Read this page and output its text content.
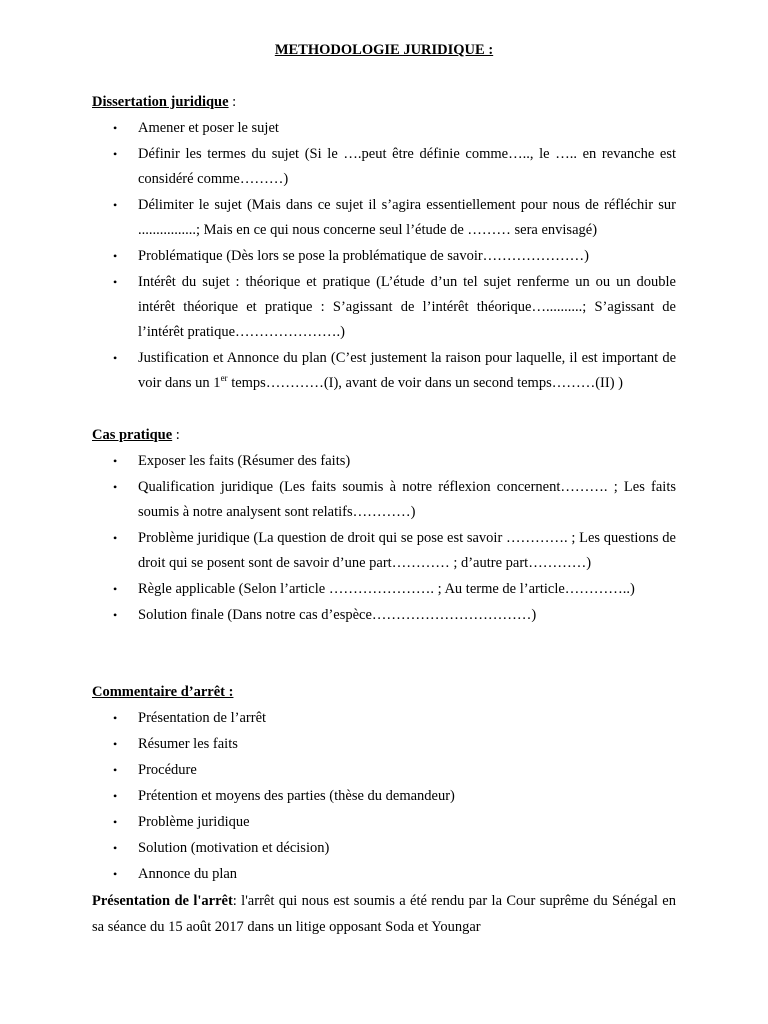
METHODOLOGIE JURIDIQUE :
Dissertation juridique :
• Amener et poser le sujet
• Définir les termes du sujet (Si le ….peut être définie comme….., le ….. en revanche est considéré comme………)
• Délimiter le sujet (Mais dans ce sujet il s’agira essentiellement pour nous de réfléchir sur ................; Mais en ce qui nous concerne seul l’étude de ……… sera envisagé)
• Problématique (Dès lors se pose la problématique de savoir…………………)
• Intérêt du sujet : théorique et pratique (L’étude d’un tel sujet renferme un ou un double intérêt théorique et pratique : S’agissant de l’intérêt théorique…..........; S’agissant de l’intérêt pratique………………….)
• Justification et Annonce du plan (C’est justement la raison pour laquelle, il est important de voir dans un 1er temps…………(I), avant de voir dans un second temps………(II) )
Cas pratique :
• Exposer les faits (Résumer des faits)
• Qualification juridique (Les faits soumis à notre réflexion concernent………. ; Les faits soumis à notre analysent sont relatifs…………)
• Problème juridique (La question de droit qui se pose est savoir …………. ; Les questions de droit qui se posent sont de savoir d’une part………… ; d’autre part…………)
• Règle applicable (Selon l’article …………………. ; Au terme de l’article…………..)
• Solution finale (Dans notre cas d’espèce……………………………)
Commentaire d’arrêt :
• Présentation de l’arrêt
• Résumer les faits
• Procédure
• Prétention et moyens des parties (thèse du demandeur)
• Problème juridique
• Solution (motivation et décision)
• Annonce du plan
Présentation de l'arrêt: l'arrêt qui nous est soumis a été rendu par la Cour suprême du Sénégal en sa séance du 15 août 2017 dans un litige opposant Soda et Youngar
